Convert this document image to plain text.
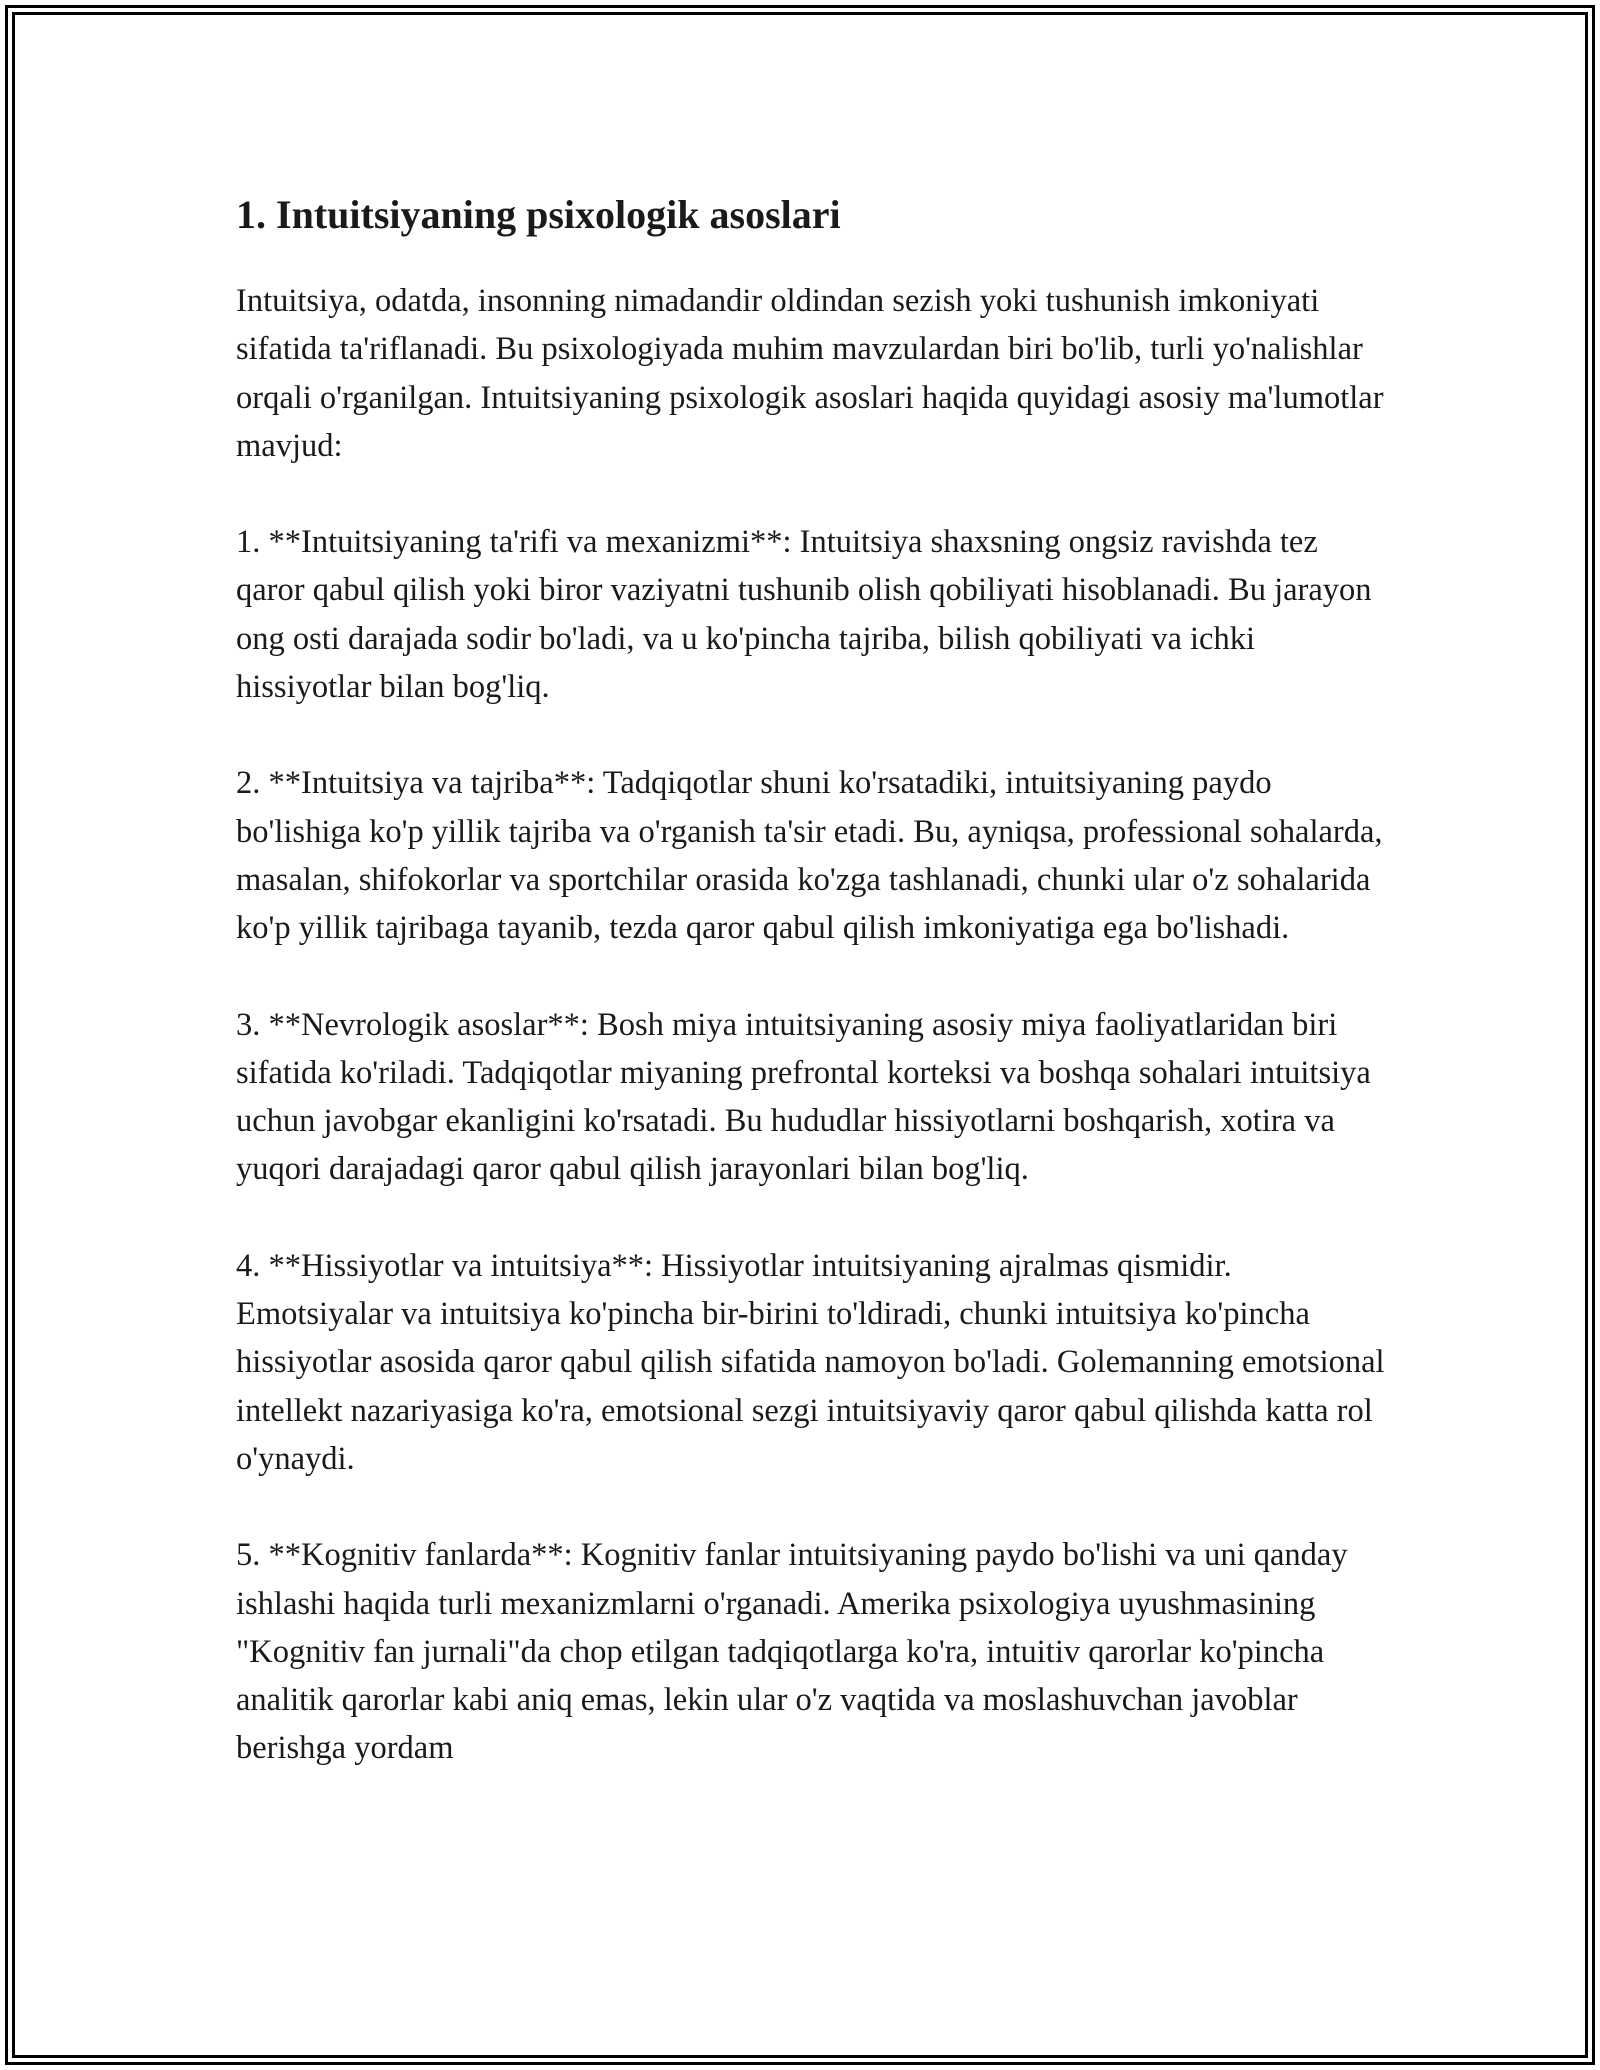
1. Intuitsiyaning psixologik asoslari

Intuitsiya, odatda, insonning nimadandir oldindan sezish yoki tushunish imkoniyati sifatida ta'riflanadi. Bu psixologiyada muhim mavzulardan biri bo'lib, turli yo'nalishlar orqali o'rganilgan. Intuitsiyaning psixologik asoslari haqida quyidagi asosiy ma'lumotlar mavjud:

1. **Intuitsiyaning ta'rifi va mexanizmi**: Intuitsiya shaxsning ongsiz ravishda tez qaror qabul qilish yoki biror vaziyatni tushunib olish qobiliyati hisoblanadi. Bu jarayon ong osti darajada sodir bo'ladi, va u ko'pincha tajriba, bilish qobiliyati va ichki hissiyotlar bilan bog'liq.

2. **Intuitsiya va tajriba**: Tadqiqotlar shuni ko'rsatadiki, intuitsiyaning paydo bo'lishiga ko'p yillik tajriba va o'rganish ta'sir etadi. Bu, ayniqsa, professional sohalarda, masalan, shifokorlar va sportchilar orasida ko'zga tashlanadi, chunki ular o'z sohalarida ko'p yillik tajribaga tayanib, tezda qaror qabul qilish imkoniyatiga ega bo'lishadi.

3. **Nevrologik asoslar**: Bosh miya intuitsiyaning asosiy miya faoliyatlaridan biri sifatida ko'riladi. Tadqiqotlar miyaning prefrontal korteksi va boshqa sohalari intuitsiya uchun javobgar ekanligini ko'rsatadi. Bu hududlar hissiyotlarni boshqarish, xotira va yuqori darajadagi qaror qabul qilish jarayonlari bilan bog'liq.

4. **Hissiyotlar va intuitsiya**: Hissiyotlar intuitsiyaning ajralmas qismidir. Emotsiyalar va intuitsiya ko'pincha bir-birini to'ldiradi, chunki intuitsiya ko'pincha hissiyotlar asosida qaror qabul qilish sifatida namoyon bo'ladi. Golemanning emotsional intellekt nazariyasiga ko'ra, emotsional sezgi intuitsiyaviy qaror qabul qilishda katta rol o'ynaydi.

5. **Kognitiv fanlarda**: Kognitiv fanlar intuitsiyaning paydo bo'lishi va uni qanday ishlashi haqida turli mexanizmlarni o'rganadi. Amerika psixologiya uyushmasining "Kognitiv fan jurnali"da chop etilgan tadqiqotlarga ko'ra, intuitiv qarorlar ko'pincha analitik qarorlar kabi aniq emas, lekin ular o'z vaqtida va moslashuvchan javoblar berishga yordam
